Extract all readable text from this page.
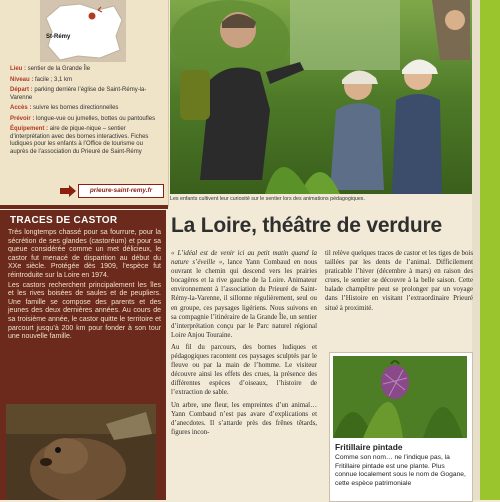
St-Rémy
Lieu : sentier de la Grande Île
Niveau : facile ; 3,1 km
Départ : parking derrière l’église de Saint-Rémy-la-Varenne
Accès : suivre les bornes directionnelles
Prévoir : longue-vue ou jumelles, bottes ou pantoufles
Équipement : aire de pique-nique – sentier d’interprétation avec des bornes interactives. Fiches ludiques pour les enfants à l’Office de tourisme ou auprès de l’association du Prieuré de Saint-Rémy
prieure-saint-remy.fr
Les enfants cultivent leur curiosité sur le sentier lors des animations pédagogiques.
TRACES DE CASTOR

Très longtemps chassé pour sa fourrure, pour la sécrétion de ses glandes (castoréum) et pour sa queue considérée comme un met délicieux, le castor fut menacé de disparition au début du XXe siècle. Protégée dès 1909, l’espèce fut réintroduite sur la Loire en 1974.

Les castors recherchent principalement les îles et les rives boisées de saules et de peupliers. Une famille se compose des parents et des jeunes des deux dernières années. Au cours de sa troisième année, le castor quitte le territoire et parcourt jusqu’à 200 km pour fonder à son tour une nouvelle famille.

La Loire, théâtre de verdure

« L’idéal est de venir ici au petit matin quand la nature s’éveille », lance Yann Combaud en nous ouvrant le chemin qui descend vers les prairies bocagères et la rive gauche de la Loire. Animateur environnement à l’association du Prieuré de Saint-Rémy-la-Varenne, il sillonne régulièrement, seul ou en groupe, ces paysages ligériens. Nous suivons en sa compagnie l’itinéraire de la Grande Île, un sentier d’interprétation conçu par le Parc naturel régional Loire Anjou Touraine.

Au fil du parcours, des bornes ludiques et pédagogiques racontent ces paysages sculptés par le fleuve ou par la main de l’homme. Le visiteur découvre ainsi les effets des crues, la présence des différentes espèces d’oiseaux, l’histoire de l’extraction de sable.

Un arbre, une fleur, les empreintes d’un animal… Yann Combaud n’est pas avare d’explications et d’anecdotes. Il s’attarde près des frênes têtards, figures incon-

til relève quelques traces de castor et les tiges de bois taillées par les dents de l’animal. Difficilement praticable l’hiver (décembre à mars) en raison des crues, le sentier se découvre à la belle saison. Cette balade champêtre peut se prolonger par un voyage dans l’Histoire en visitant l’extraordinaire Prieuré situé à proximité.

Fritillaire pintade
Comme son nom… ne l’indique pas, la Fritillaire pintade est une plante. Plus connue localement sous le nom de Gogane, cette espèce patrimoniale
